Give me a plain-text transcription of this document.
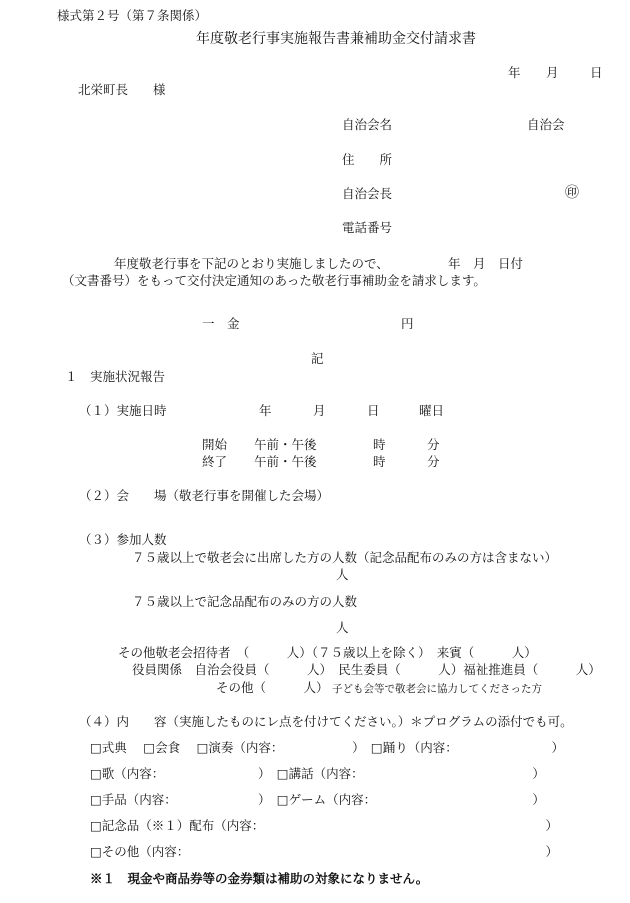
様式第２号（第７条関係）
年度敬老行事実施報告書兼補助金交付請求書
年 月	日
北栄町長　　様
自治会名	自治会
住　　所
自治会長	㊞
電話番号
年度敬老行事を下記のとおり実施しましたので、	年　月　日付
（文書番号）をもって交付決定通知のあった敬老行事補助金を請求します。
一　金	円
記
１　実施状況報告
（１）実施日時	年	月	日	曜日
開始 午前・午後	時	分
終了 午前・午後	時	分
（２）会　　場（敬老行事を開催した会場）
（３）参加人数
７５歳以上で敬老会に出席した方の人数（記念品配布のみの方は含まない）
人
７５歳以上で記念品配布のみの方の人数
人
その他敬老会招待者　（　　　人）（７５歳以上を除く）　来賓（　　　人）
役員関係　自治会役員（　　　人）　民生委員（　　　人）福祉推進員（　　　人）
その他（　　　人） 子ども会等で敬老会に協力してくださった方
（４）内　　容（実施したものにレ点を付けてください。）＊プログラムの添付でも可。
□式典　 □会食　 □演奏（内容：　　　　　　）　□踊り（内容：　　　　　　　　）
□歌（内容：　　　　　　　　）　□講話（内容：　　　　　　　　　　　　　　）
□手品（内容：　　　　　　　）　□ゲーム（内容：　　　　　　　　　　　　　）
□記念品（※１）配布（内容：　　　　　　　　　　　　　　　　　　　　　　　）
□その他（内容：　　　　　　　　　　　　　　　　　　　　　　　　　　　　　）
※１　現金や商品券等の金券類は補助の対象になりません。
